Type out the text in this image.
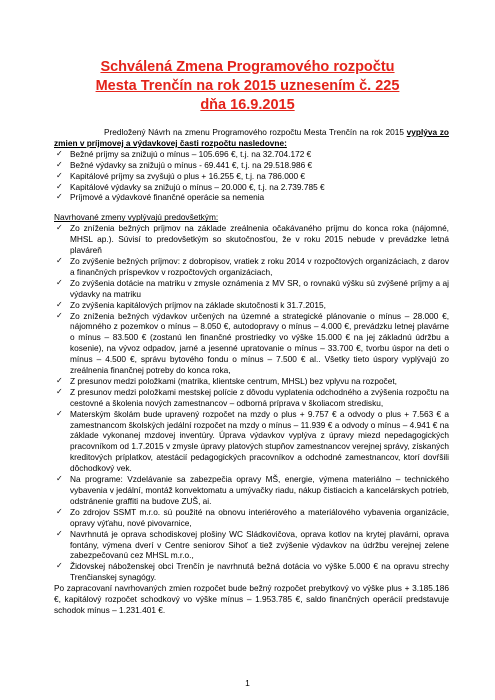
Schválená Zmena Programového rozpočtu
Mesta Trenčín na rok 2015 uznesením č. 225
dňa 16.9.2015

Predložený Návrh na zmenu Programového rozpočtu Mesta Trenčín na rok 2015 vyplýva zo zmien v príjmovej a výdavkovej časti rozpočtu nasledovne:

✓ Bežné príjmy sa znižujú o mínus – 105.696 €, t.j. na 32.704.172 €
✓ Bežné výdavky sa znižujú o mínus - 69.441 €, t.j. na 29.518.986 €
✓ Kapitálové príjmy sa zvyšujú o plus + 16.255 €, t.j. na 786.000 €
✓ Kapitálové výdavky sa znižujú o mínus – 20.000 €, t.j. na 2.739.785 €
✓ Príjmové a výdavkové finančné operácie sa nemenia

Navrhované zmeny vyplývajú predovšetkým:

✓ Zo zníženia bežných príjmov na základe zreálnenia očakávaného príjmu do konca roka (nájomné, MHSL ap.). Súvisí to predovšetkým so skutočnosťou, že v roku 2015 nebude v prevádzke letná plaváreň
✓ Zo zvýšenie bežných príjmov: z dobropisov, vratiek z roku 2014 v rozpočtových organizáciach, z darov a finančných príspevkov v rozpočtových organizáciach,
✓ Zo zvýšenia dotácie na matriku v zmysle oznámenia z MV SR, o rovnakú výšku sú zvýšené príjmy a aj výdavky na matriku
✓ Zo zvýšenia kapitálových príjmov na základe skutočnosti k 31.7.2015,
✓ Zo zníženia bežných výdavkov určených na územné a strategické plánovanie o mínus – 28.000 €, nájomného z pozemkov o mínus – 8.050 €, autodopravy o mínus – 4.000 €, prevádzku letnej plavárne o mínus – 83.500 € (zostanú len finančné prostriedky vo výške 15.000 € na jej základnú údržbu a kosenie), na vývoz odpadov, jarné a jesenné upratovanie o mínus – 33.700 €, tvorbu úspor na deti o mínus – 4.500 €, správu bytového fondu o mínus – 7.500 € al.. Všetky tieto úspory vyplývajú zo zreálnenia finančnej potreby do konca roka,
✓ Z presunov medzi položkami (matrika, klientske centrum, MHSL) bez vplyvu na rozpočet,
✓ Z presunov medzi položkami mestskej polície z dôvodu vyplatenia odchodného a zvýšenia rozpočtu na cestovné a školenia nových zamestnancov – odborná príprava v školiacom stredisku,
✓ Materským školám bude upravený rozpočet na mzdy o plus + 9.757 € a odvody o plus + 7.563 € a zamestnancom školských jedální rozpočet na mzdy o mínus – 11.939 € a odvody o mínus – 4.941 € na základe vykonanej mzdovej inventúry. Úprava výdavkov vyplýva z úpravy miezd nepedagogických pracovníkom od 1.7.2015 v zmysle úpravy platových stupňov zamestnancov verejnej správy, získaných kreditových príplatkov, atestácií pedagogických pracovníkov a odchodné zamestnancov, ktorí dovŕšili dôchodkový vek.
✓ Na programe: Vzdelávanie sa zabezpečia opravy MŠ, energie, výmena materiálno – technického vybavenia v jedální, montáž konvektomatu a umývačky riadu, nákup čistiacich a kancelárskych potrieb, odstránenie graffiti na budove ZUŠ, ai.
✓ Zo zdrojov SSMT m.r.o. sú použité na obnovu interiérového a materiálového vybavenia organizácie, opravy výťahu, nové pivovarnice,
✓ Navrhnutá je oprava schodiskovej plošiny WC Sládkovičova, oprava kotlov na krytej plavárni, oprava fontány, výmena dverí v Centre seniorov Sihoť a tiež zvýšenie výdavkov na údržbu verejnej zelene zabezpečovanú cez MHSL m.r.o.,
✓ Židovskej náboženskej obci Trenčín je navrhnutá bežná dotácia vo výške 5.000 € na opravu strechy Trenčianskej synagógy.

Po zapracovaní navrhovaných zmien rozpočet bude bežný rozpočet prebytkový vo výške plus + 3.185.186 €, kapitálový rozpočet schodkový vo výške mínus – 1.953.785 €, saldo finančných operácií predstavuje schodok mínus – 1.231.401 €.

1
